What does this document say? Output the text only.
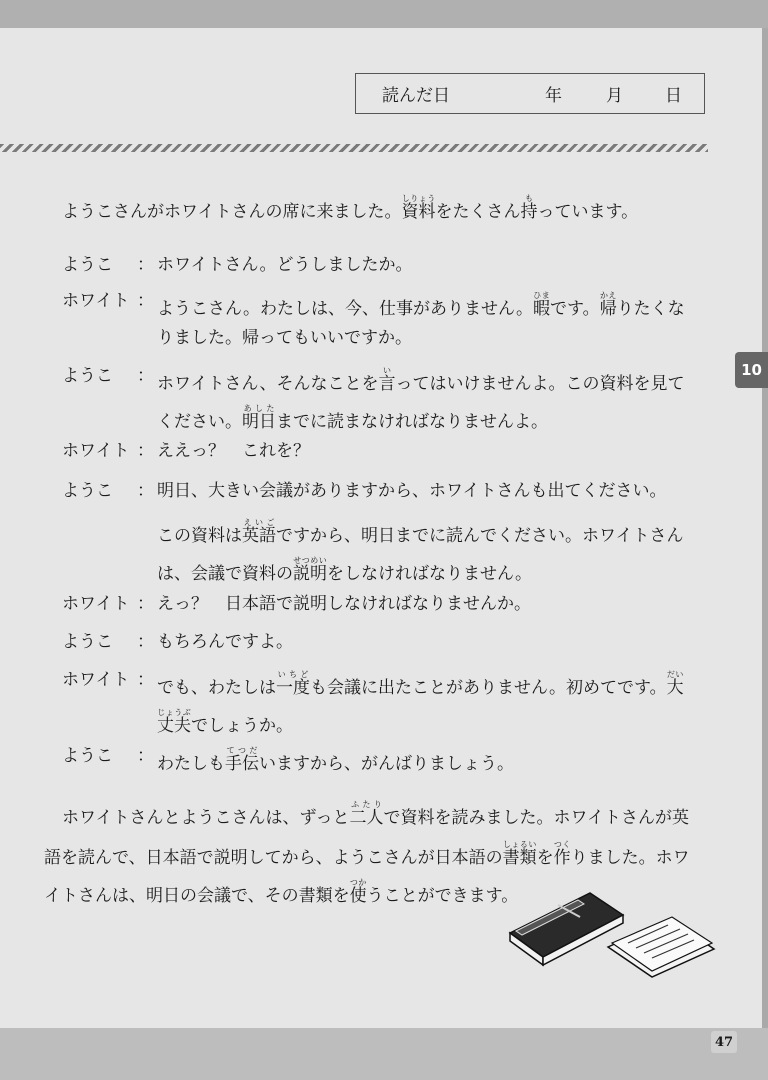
読んだ日	年	月 日
10
ようこさんがホワイトさんの席に来ました。資料しりょうをたくさん持もっています。
ようこ ： ホワイトさん。どうしましたか。
ホワイト ： ようこさん。わたしは、今、仕事がありません。暇ひまです。帰かえりたくな
りました。帰ってもいいですか。
ようこ ： ホワイトさん、そんなことを言いってはいけませんよ。この資料を見て
ください。明日あしたまでに読まなければなりませんよ。
ホワイト ： ええっ？　これを？
ようこ ： 明日、大きい会議がありますから、ホワイトさんも出てください。
この資料は英語えいごですから、明日までに読んでください。ホワイトさん
は、会議で資料の説明せつめいをしなければなりません。
ホワイト ： えっ？　日本語で説明しなければなりませんか。
ようこ ： もちろんですよ。
ホワイト ： でも、わたしは一度いちども会議に出たことがありません。初めてです。大だい
丈夫じょうぶでしょうか。
ようこ ： わたしも手伝てつだいますから、がんばりましょう。
ホワイトさんとようこさんは、ずっと二人ふたりで資料を読みました。ホワイトさんが英
語を読んで、日本語で説明してから、ようこさんが日本語の書類しょるいを作つくりました。ホワ
イトさんは、明日の会議で、その書類を使つかうことができます。
47
